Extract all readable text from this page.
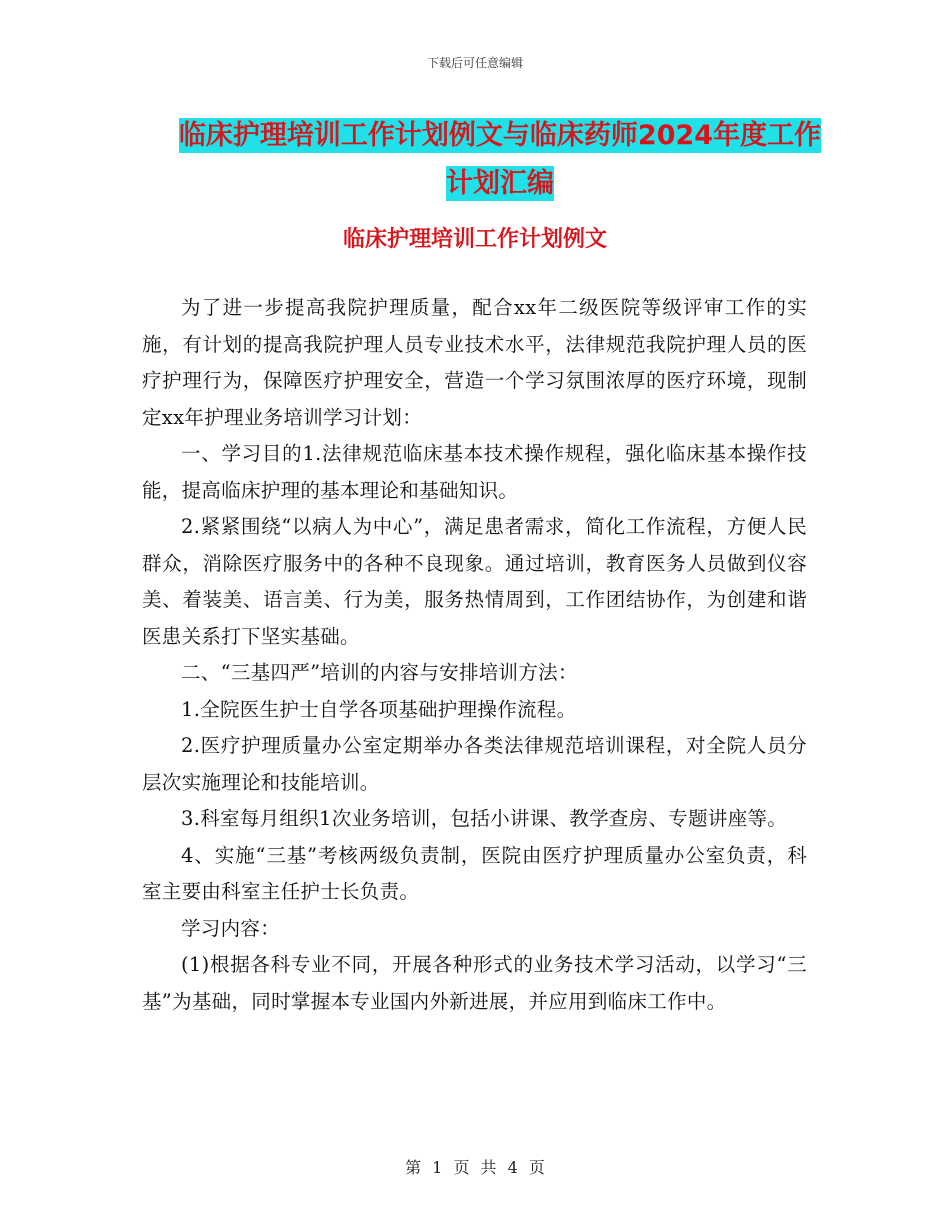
下载后可任意编辑
临床护理培训工作计划例文与临床药师2024年度工作
计划汇编
临床护理培训工作计划例文

为了进一步提高我院护理质量，配合xx年二级医院等级评审工作的实施，有计划的提高我院护理人员专业技术水平，法律规范我院护理人员的医疗护理行为，保障医疗护理安全，营造一个学习氛围浓厚的医疗环境，现制定xx年护理业务培训学习计划：

一、学习目的1.法律规范临床基本技术操作规程，强化临床基本操作技能，提高临床护理的基本理论和基础知识。

2.紧紧围绕“以病人为中心”，满足患者需求，简化工作流程，方便人民群众，消除医疗服务中的各种不良现象。通过培训，教育医务人员做到仪容美、着装美、语言美、行为美，服务热情周到，工作团结协作，为创建和谐医患关系打下坚实基础。

二、“三基四严”培训的内容与安排培训方法：

1.全院医生护士自学各项基础护理操作流程。

2.医疗护理质量办公室定期举办各类法律规范培训课程，对全院人员分层次实施理论和技能培训。

3.科室每月组织1次业务培训，包括小讲课、教学查房、专题讲座等。

4、实施“三基”考核两级负责制，医院由医疗护理质量办公室负责，科室主要由科室主任护士长负责。

学习内容：

(1)根据各科专业不同，开展各种形式的业务技术学习活动，以学习“三基”为基础，同时掌握本专业国内外新进展，并应用到临床工作中。

第 1 页 共 4 页
